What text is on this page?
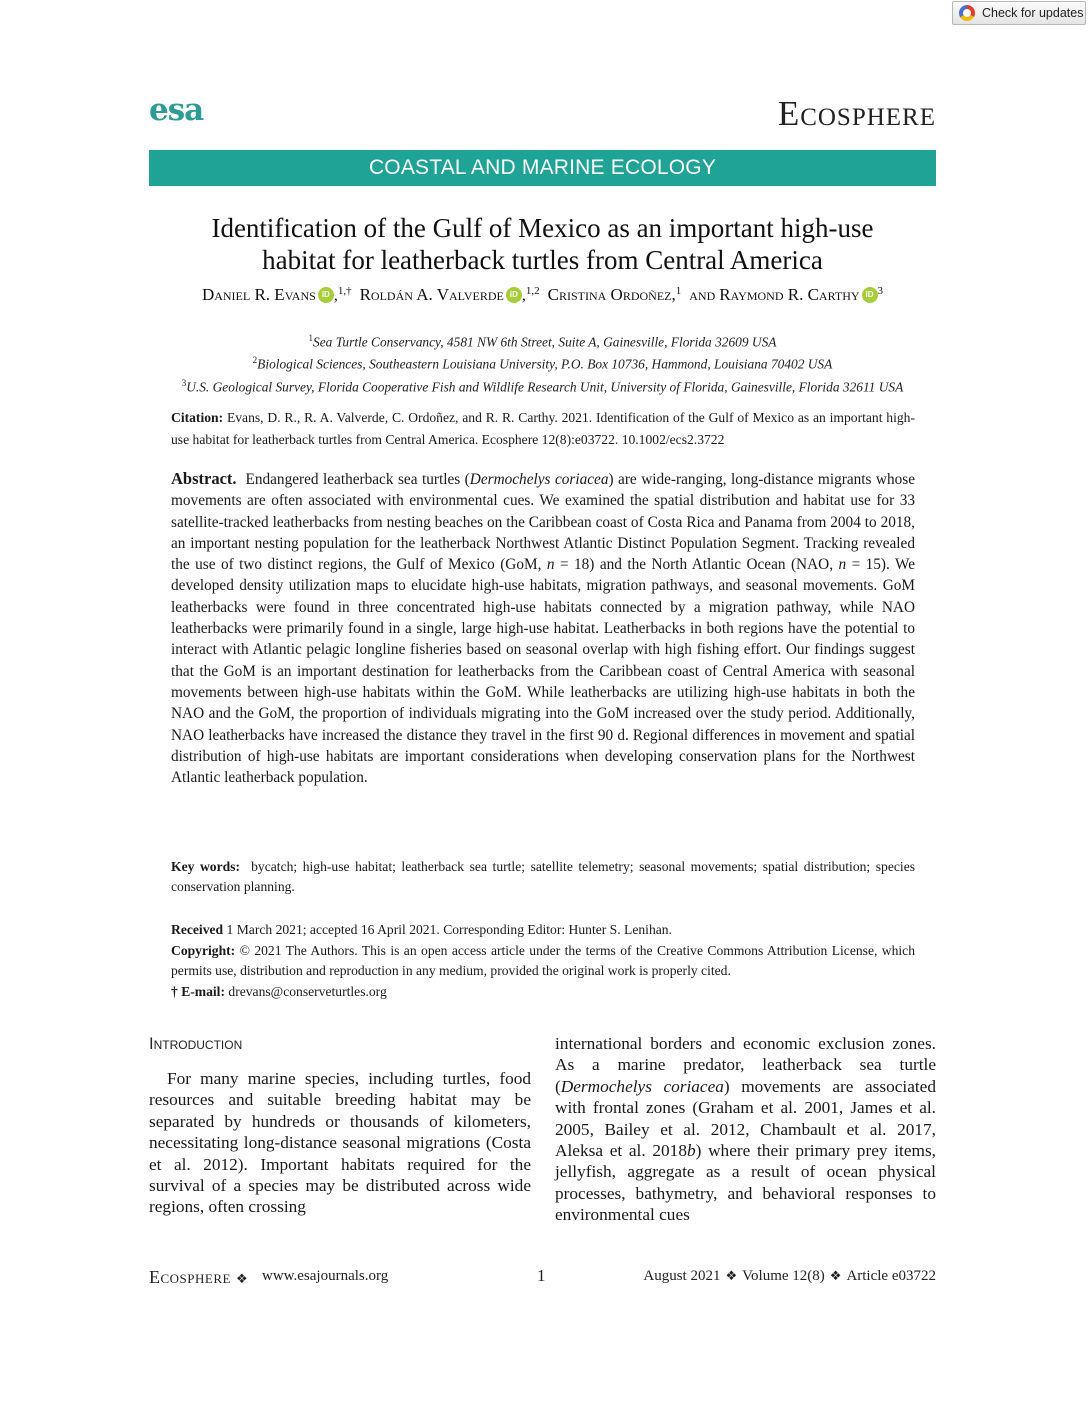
Check for updates
esa	Ecosphere
COASTAL AND MARINE ECOLOGY
Identification of the Gulf of Mexico as an important high-use
habitat for leatherback turtles from Central America
Daniel R. Evans iD ,$^{1,\dagger}$ Roldán A. Valverde iD ,$^{1,2}$ Cristina Ordoñez,$^1$ and Raymond R. Carthy iD $^3$
$^1$Sea Turtle Conservancy, 4581 NW 6th Street, Suite A, Gainesville, Florida 32609 USA
$^2$Biological Sciences, Southeastern Louisiana University, P.O. Box 10736, Hammond, Louisiana 70402 USA
$^3$U.S. Geological Survey, Florida Cooperative Fish and Wildlife Research Unit, University of Florida, Gainesville, Florida 32611 USA
Citation: Evans, D. R., R. A. Valverde, C. Ordoñez, and R. R. Carthy. 2021. Identification of the Gulf of Mexico as an important high-use habitat for leatherback turtles from Central America. Ecosphere 12(8):e03722. 10.1002/ecs2.3722
Abstract. Endangered leatherback sea turtles (Dermochelys coriacea) are wide-ranging, long-distance migrants whose movements are often associated with environmental cues. We examined the spatial distribution and habitat use for 33 satellite-tracked leatherbacks from nesting beaches on the Caribbean coast of Costa Rica and Panama from 2004 to 2018, an important nesting population for the leatherback Northwest Atlantic Distinct Population Segment. Tracking revealed the use of two distinct regions, the Gulf of Mexico (GoM, n = 18) and the North Atlantic Ocean (NAO, n = 15). We developed density utilization maps to elucidate high-use habitats, migration pathways, and seasonal movements. GoM leatherbacks were found in three concentrated high-use habitats connected by a migration pathway, while NAO leatherbacks were primarily found in a single, large high-use habitat. Leatherbacks in both regions have the potential to interact with Atlantic pelagic longline fisheries based on seasonal overlap with high fishing effort. Our findings suggest that the GoM is an important destination for leatherbacks from the Caribbean coast of Central America with seasonal movements between high-use habitats within the GoM. While leatherbacks are utilizing high-use habitats in both the NAO and the GoM, the proportion of individuals migrating into the GoM increased over the study period. Additionally, NAO leatherbacks have increased the distance they travel in the first 90 d. Regional differences in movement and spatial distribution of high-use habitats are important considerations when developing conservation plans for the Northwest Atlantic leatherback population.
Key words: bycatch; high-use habitat; leatherback sea turtle; satellite telemetry; seasonal movements; spatial distribution; species conservation planning.
Received 1 March 2021; accepted 16 April 2021. Corresponding Editor: Hunter S. Lenihan.
Copyright: © 2021 The Authors. This is an open access article under the terms of the Creative Commons Attribution License, which permits use, distribution and reproduction in any medium, provided the original work is properly cited.
† E-mail: drevans@conserveturtles.org
Introduction

For many marine species, including turtles, food resources and suitable breeding habitat may be separated by hundreds or thousands of kilometers, necessitating long-distance seasonal migrations (Costa et al. 2012). Important habitats required for the survival of a species may be distributed across wide regions, often crossing

international borders and economic exclusion zones. As a marine predator, leatherback sea turtle (Dermochelys coriacea) movements are associated with frontal zones (Graham et al. 2001, James et al. 2005, Bailey et al. 2012, Chambault et al. 2017, Aleksa et al. 2018b) where their primary prey items, jellyfish, aggregate as a result of ocean physical processes, bathymetry, and behavioral responses to environmental cues

Ecosphere ❖ www.esajournals.org	1	August 2021 ❖ Volume 12(8) ❖ Article e03722
